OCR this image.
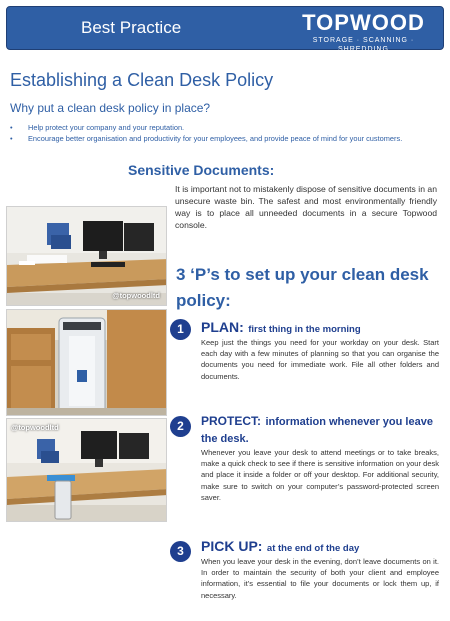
Best Practice	TOPWOOD
STORAGE · SCANNING · SHREDDING
Establishing a Clean Desk Policy
Why put a clean desk policy in place?
• Help protect your company and your reputation.
• Encourage better organisation and productivity for your employees, and provide peace of mind for your customers.
Sensitive Documents:
It is important not to mistakenly dispose of sensitive documents in an unsecure waste bin. The safest and most environmentally friendly way is to place all unneeded documents in a secure Topwood console.
@topwoodltd
@topwoodltd
3 ‘P’s to set up your clean desk policy:
1	PLAN: first thing in the morning
Keep just the things you need for your workday on your desk. Start each day with a few minutes of planning so that you can organise the documents you need for immediate work. File all other folders and documents.
2	PROTECT: information whenever you leave the desk.
Whenever you leave your desk to attend meetings or to take breaks, make a quick check to see if there is sensitive information on your desk and place it inside a folder or off your desktop. For additional security, make sure to switch on your computer’s password-protected screen saver.
3	PICK UP: at the end of the day
When you leave your desk in the evening, don’t leave documents on it. In order to maintain the security of both your client and employee information, it’s essential to file your documents or lock them up, if necessary.
